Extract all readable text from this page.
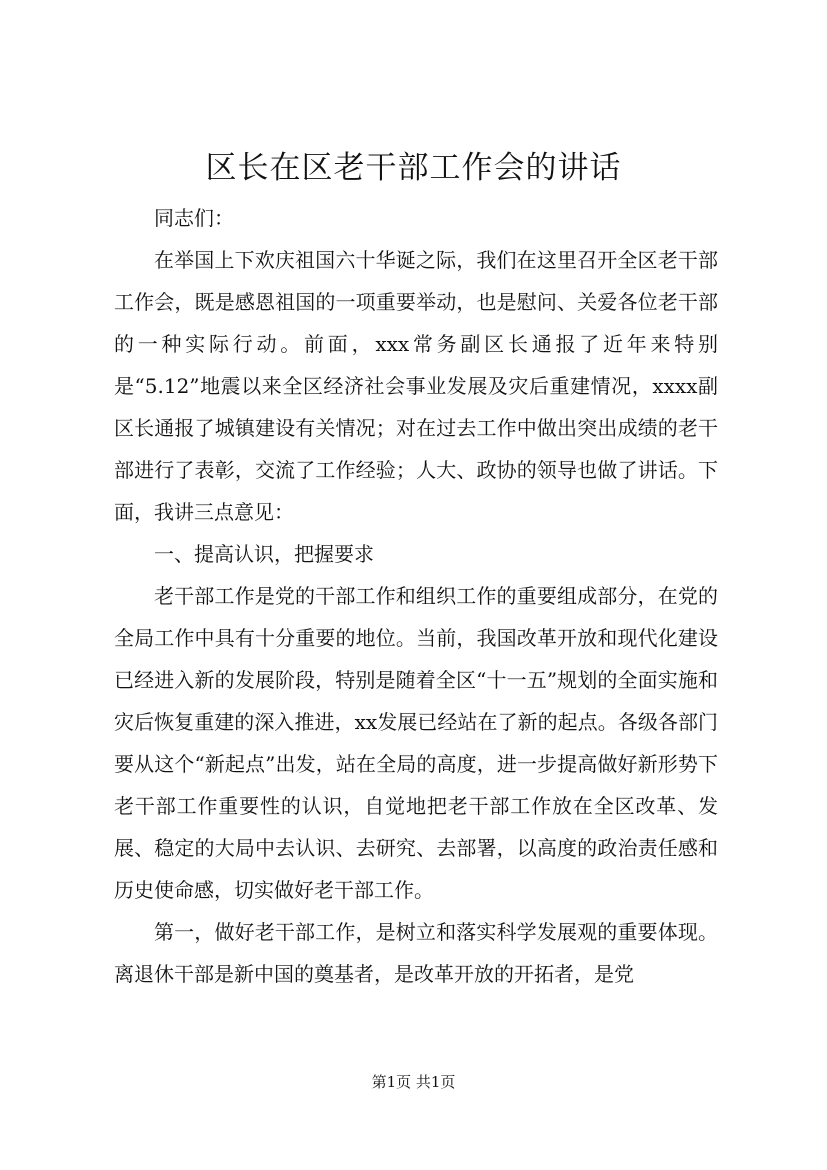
区长在区老干部工作会的讲话

同志们：

在举国上下欢庆祖国六十华诞之际，我们在这里召开全区老干部工作会，既是感恩祖国的一项重要举动，也是慰问、关爱各位老干部的一种实际行动。前面，xxx常务副区长通报了近年来特别是“5.12”地震以来全区经济社会事业发展及灾后重建情况，xxxx副区长通报了城镇建设有关情况；对在过去工作中做出突出成绩的老干部进行了表彰，交流了工作经验；人大、政协的领导也做了讲话。下面，我讲三点意见：

一、提高认识，把握要求

老干部工作是党的干部工作和组织工作的重要组成部分，在党的全局工作中具有十分重要的地位。当前，我国改革开放和现代化建设已经进入新的发展阶段，特别是随着全区“十一五”规划的全面实施和灾后恢复重建的深入推进，xx发展已经站在了新的起点。各级各部门要从这个“新起点”出发，站在全局的高度，进一步提高做好新形势下老干部工作重要性的认识，自觉地把老干部工作放在全区改革、发展、稳定的大局中去认识、去研究、去部署，以高度的政治责任感和历史使命感，切实做好老干部工作。

第一，做好老干部工作，是树立和落实科学发展观的重要体现。离退休干部是新中国的奠基者，是改革开放的开拓者，是党

第1页 共1页
